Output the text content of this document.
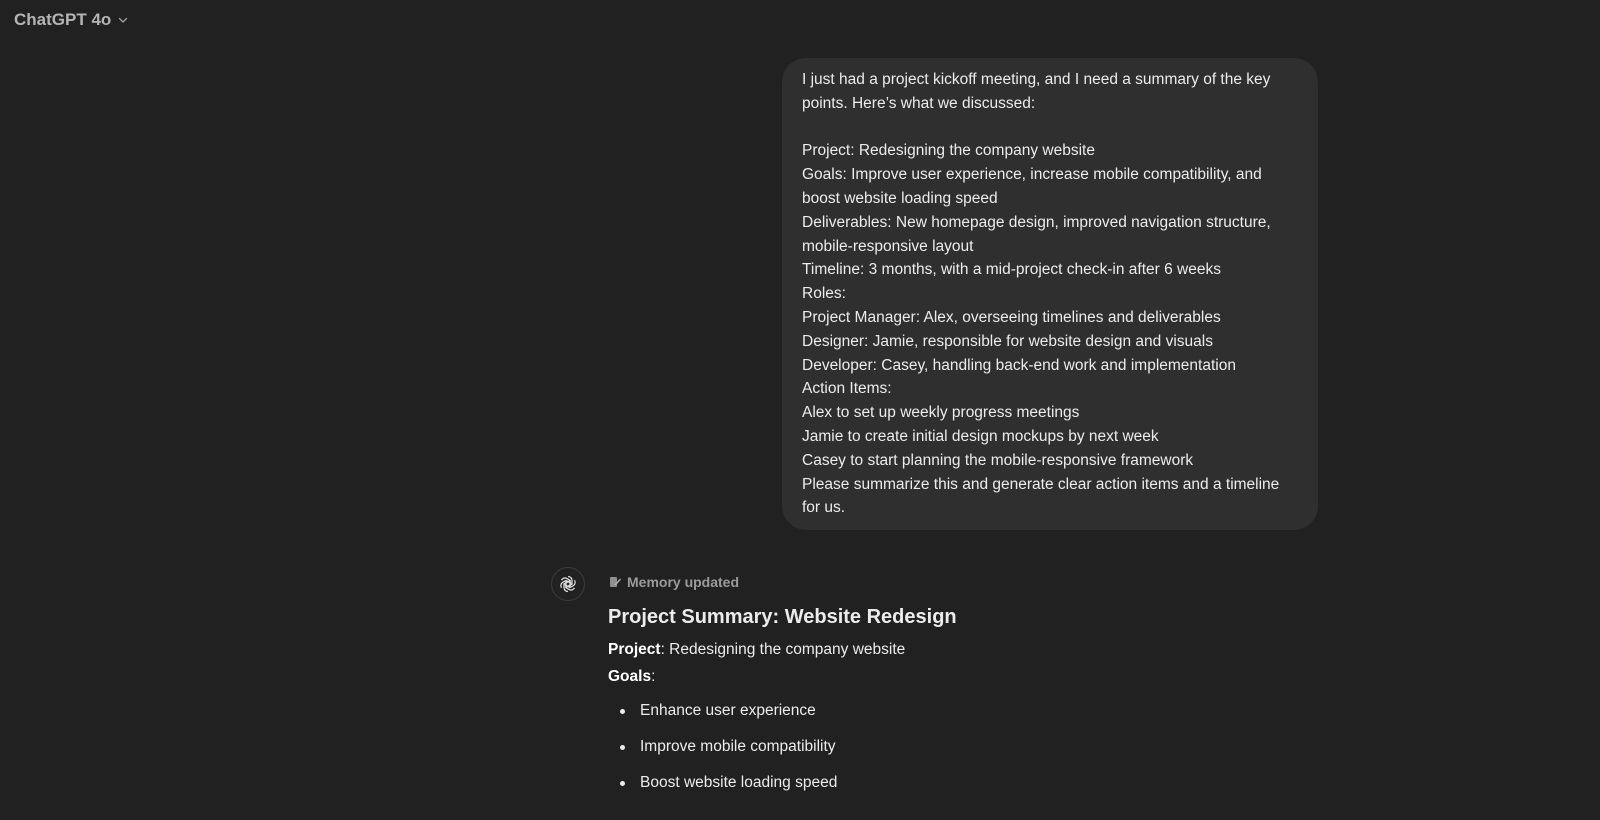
ChatGPT 4o
I just had a project kickoff meeting, and I need a summary of the key
points. Here’s what we discussed:
Project: Redesigning the company website
Goals: Improve user experience, increase mobile compatibility, and
boost website loading speed
Deliverables: New homepage design, improved navigation structure,
mobile-responsive layout
Timeline: 3 months, with a mid-project check-in after 6 weeks
Roles:
Project Manager: Alex, overseeing timelines and deliverables
Designer: Jamie, responsible for website design and visuals
Developer: Casey, handling back-end work and implementation
Action Items:
Alex to set up weekly progress meetings
Jamie to create initial design mockups by next week
Casey to start planning the mobile-responsive framework
Please summarize this and generate clear action items and a timeline
for us.
Memory updated
Project Summary: Website Redesign
Project: Redesigning the company website
Goals:
Enhance user experience
Improve mobile compatibility
Boost website loading speed
